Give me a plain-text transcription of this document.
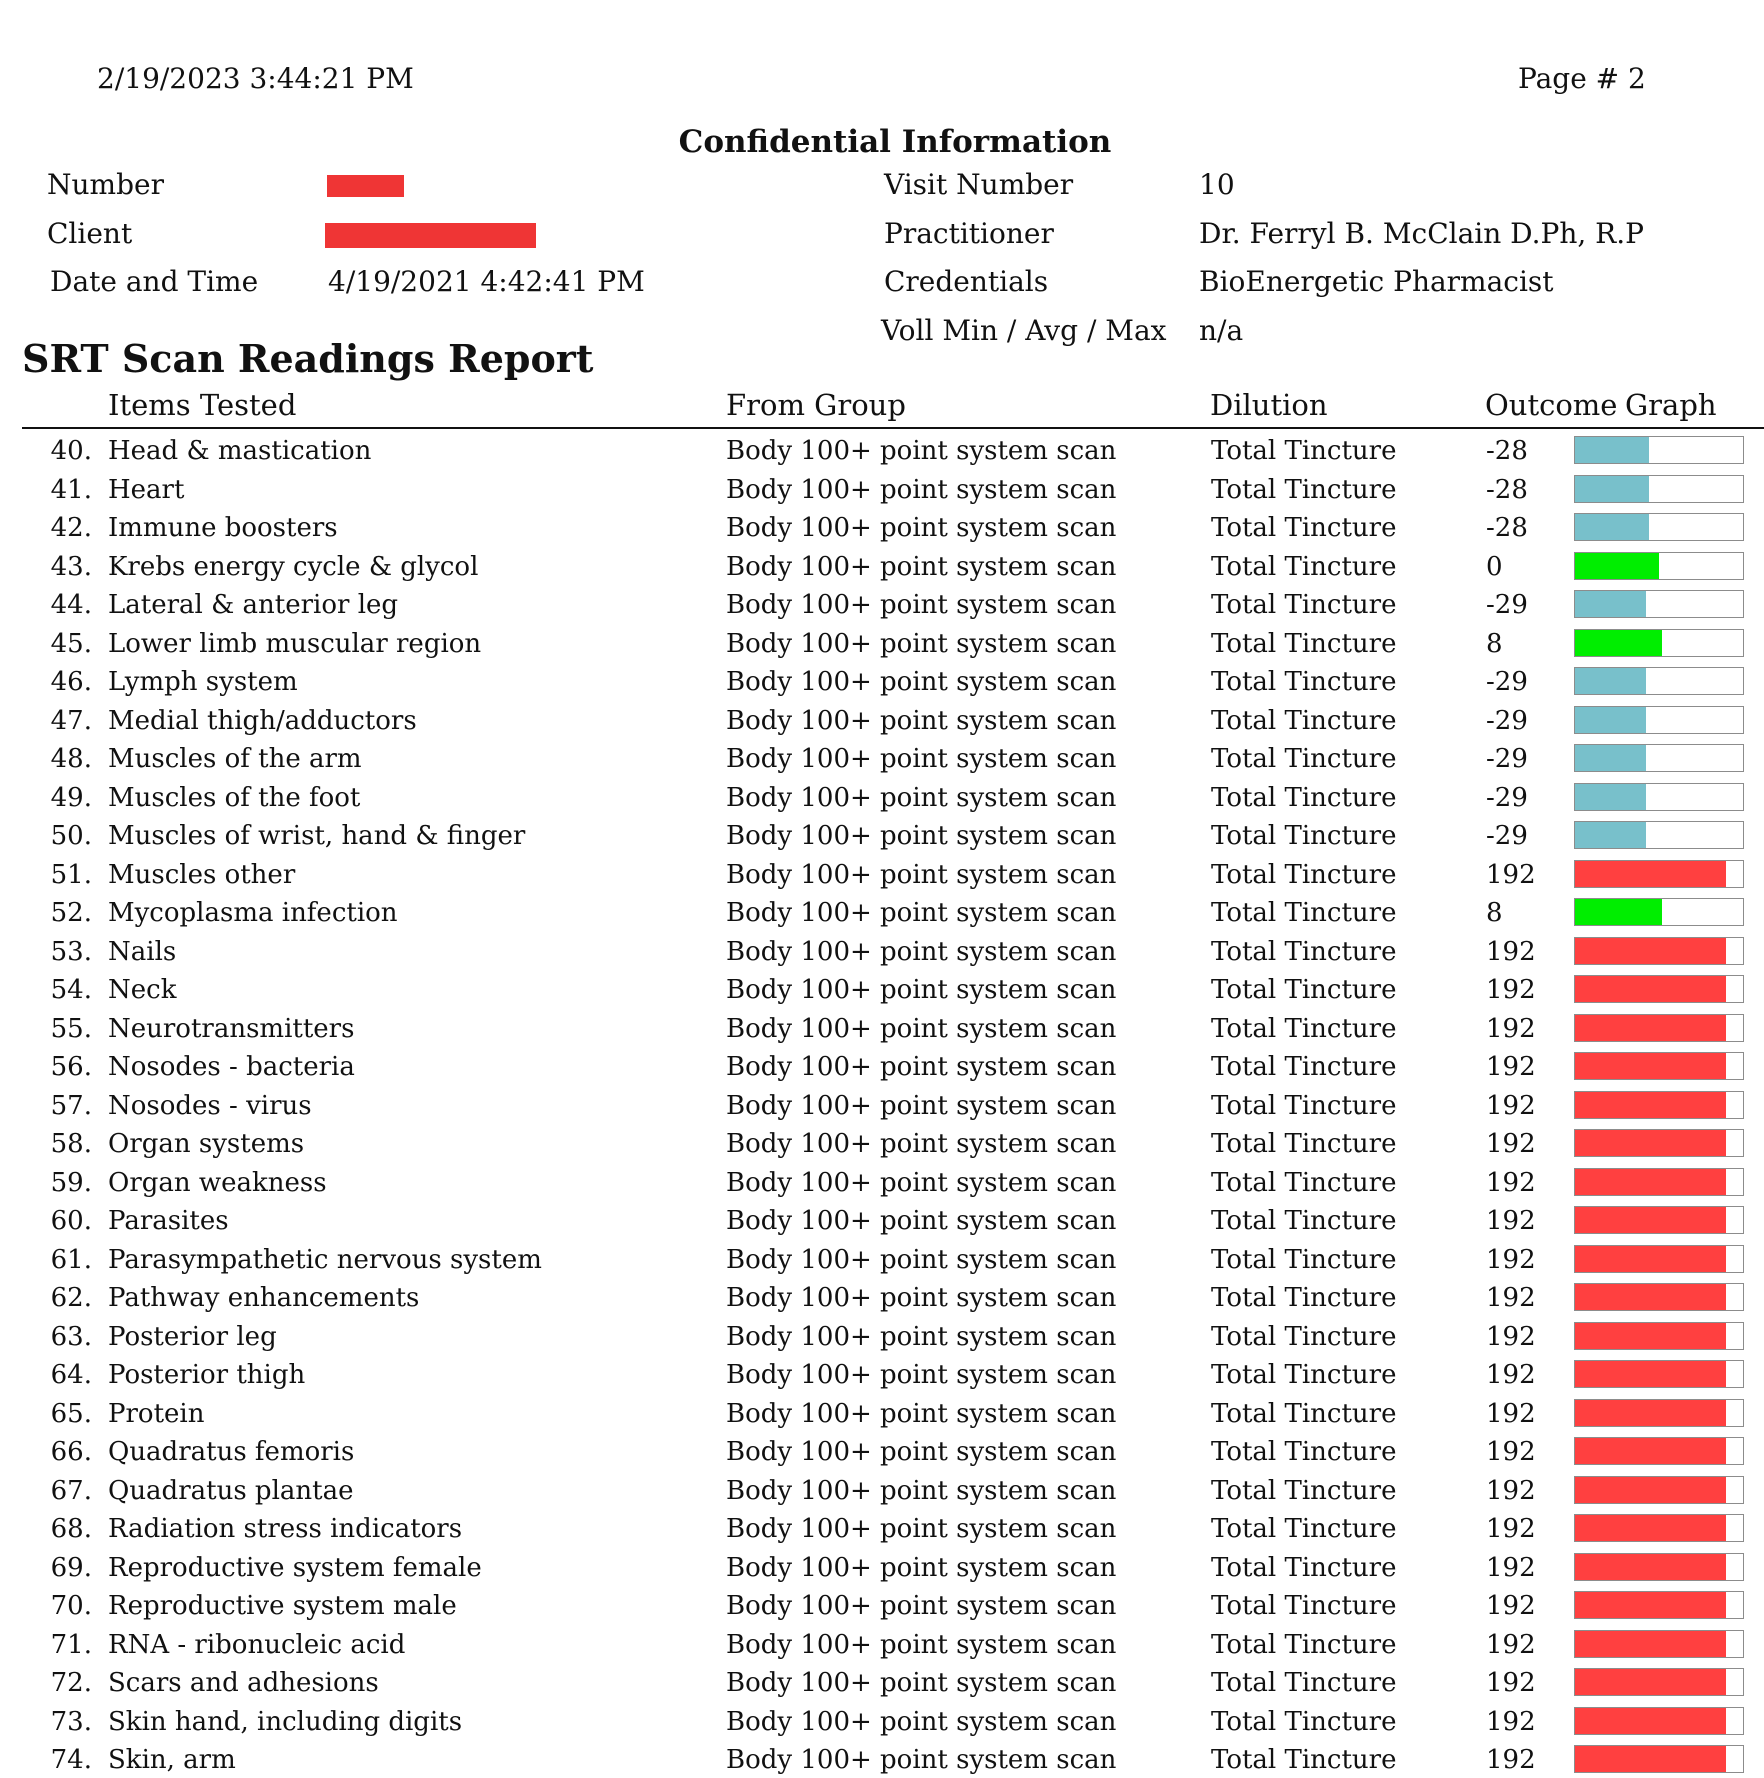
2/19/2023 3:44:21 PM	Page # 2
Confidential Information
Number
Client
Date and Time 4/19/2021 4:42:41 PM
Visit Number	10
Practitioner	Dr. Ferryl B. McClain D.Ph, R.P
Credentials	BioEnergetic Pharmacist
Voll Min / Avg / Max n/a
SRT Scan Readings Report
Items Tested	From Group	Dilution	Outcome Graph
40. Head & mastication	Body 100+ point system scan	Total Tincture	-28
41. Heart	Body 100+ point system scan	Total Tincture	-28
42. Immune boosters	Body 100+ point system scan	Total Tincture	-28
43. Krebs energy cycle & glycol	Body 100+ point system scan	Total Tincture	0
44. Lateral & anterior leg	Body 100+ point system scan	Total Tincture	-29
45. Lower limb muscular region	Body 100+ point system scan	Total Tincture	8
46. Lymph system	Body 100+ point system scan	Total Tincture	-29
47. Medial thigh/adductors	Body 100+ point system scan	Total Tincture	-29
48. Muscles of the arm	Body 100+ point system scan	Total Tincture	-29
49. Muscles of the foot	Body 100+ point system scan	Total Tincture	-29
50. Muscles of wrist, hand & finger	Body 100+ point system scan	Total Tincture	-29
51. Muscles other	Body 100+ point system scan	Total Tincture	192
52. Mycoplasma infection	Body 100+ point system scan	Total Tincture	8
53. Nails	Body 100+ point system scan	Total Tincture	192
54. Neck	Body 100+ point system scan	Total Tincture	192
55. Neurotransmitters	Body 100+ point system scan	Total Tincture	192
56. Nosodes - bacteria	Body 100+ point system scan	Total Tincture	192
57. Nosodes - virus	Body 100+ point system scan	Total Tincture	192
58. Organ systems	Body 100+ point system scan	Total Tincture	192
59. Organ weakness	Body 100+ point system scan	Total Tincture	192
60. Parasites	Body 100+ point system scan	Total Tincture	192
61. Parasympathetic nervous system	Body 100+ point system scan	Total Tincture	192
62. Pathway enhancements	Body 100+ point system scan	Total Tincture	192
63. Posterior leg	Body 100+ point system scan	Total Tincture	192
64. Posterior thigh	Body 100+ point system scan	Total Tincture	192
65. Protein	Body 100+ point system scan	Total Tincture	192
66. Quadratus femoris	Body 100+ point system scan	Total Tincture	192
67. Quadratus plantae	Body 100+ point system scan	Total Tincture	192
68. Radiation stress indicators	Body 100+ point system scan	Total Tincture	192
69. Reproductive system female	Body 100+ point system scan	Total Tincture	192
70. Reproductive system male	Body 100+ point system scan	Total Tincture	192
71. RNA - ribonucleic acid	Body 100+ point system scan	Total Tincture	192
72. Scars and adhesions	Body 100+ point system scan	Total Tincture	192
73. Skin hand, including digits	Body 100+ point system scan	Total Tincture	192
74. Skin, arm	Body 100+ point system scan	Total Tincture	192
